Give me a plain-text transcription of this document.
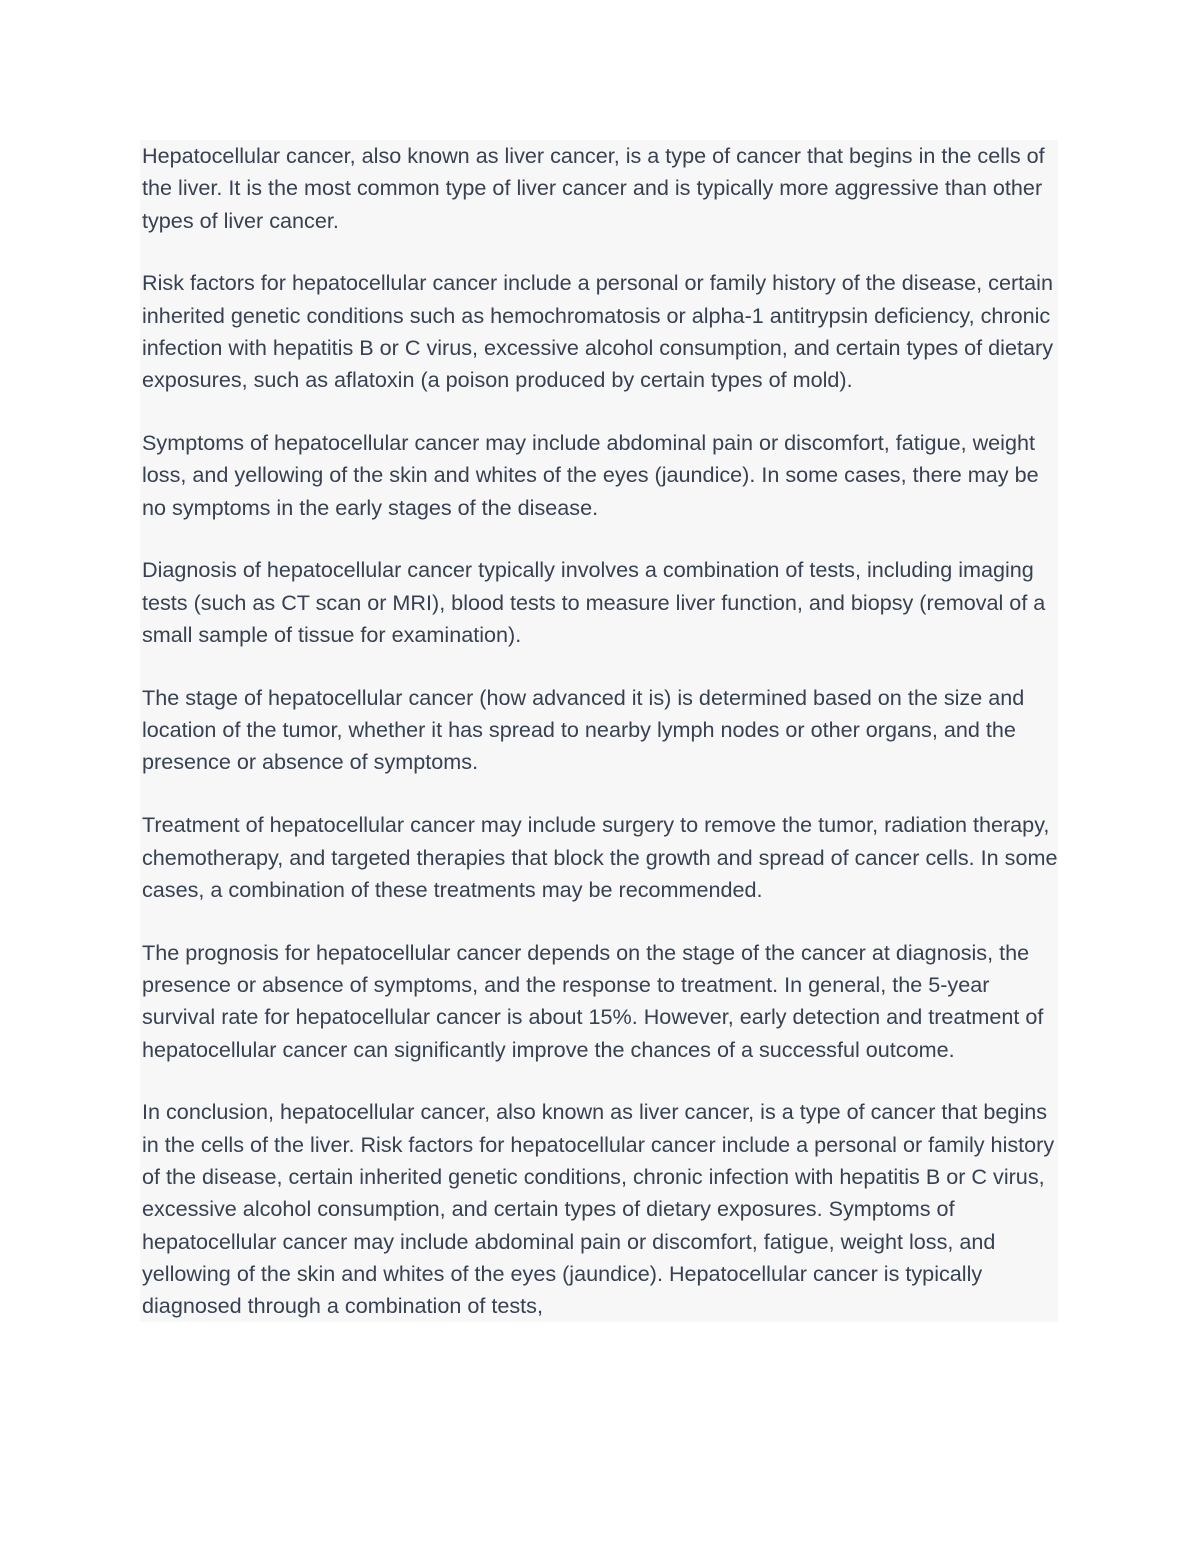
Hepatocellular cancer, also known as liver cancer, is a type of cancer that begins in the cells of the liver. It is the most common type of liver cancer and is typically more aggressive than other types of liver cancer.

Risk factors for hepatocellular cancer include a personal or family history of the disease, certain inherited genetic conditions such as hemochromatosis or alpha-1 antitrypsin deficiency, chronic infection with hepatitis B or C virus, excessive alcohol consumption, and certain types of dietary exposures, such as aflatoxin (a poison produced by certain types of mold).

Symptoms of hepatocellular cancer may include abdominal pain or discomfort, fatigue, weight loss, and yellowing of the skin and whites of the eyes (jaundice). In some cases, there may be no symptoms in the early stages of the disease.

Diagnosis of hepatocellular cancer typically involves a combination of tests, including imaging tests (such as CT scan or MRI), blood tests to measure liver function, and biopsy (removal of a small sample of tissue for examination).

The stage of hepatocellular cancer (how advanced it is) is determined based on the size and location of the tumor, whether it has spread to nearby lymph nodes or other organs, and the presence or absence of symptoms.

Treatment of hepatocellular cancer may include surgery to remove the tumor, radiation therapy, chemotherapy, and targeted therapies that block the growth and spread of cancer cells. In some cases, a combination of these treatments may be recommended.

The prognosis for hepatocellular cancer depends on the stage of the cancer at diagnosis, the presence or absence of symptoms, and the response to treatment. In general, the 5-year survival rate for hepatocellular cancer is about 15%. However, early detection and treatment of hepatocellular cancer can significantly improve the chances of a successful outcome.

In conclusion, hepatocellular cancer, also known as liver cancer, is a type of cancer that begins in the cells of the liver. Risk factors for hepatocellular cancer include a personal or family history of the disease, certain inherited genetic conditions, chronic infection with hepatitis B or C virus, excessive alcohol consumption, and certain types of dietary exposures. Symptoms of hepatocellular cancer may include abdominal pain or discomfort, fatigue, weight loss, and yellowing of the skin and whites of the eyes (jaundice). Hepatocellular cancer is typically diagnosed through a combination of tests,
